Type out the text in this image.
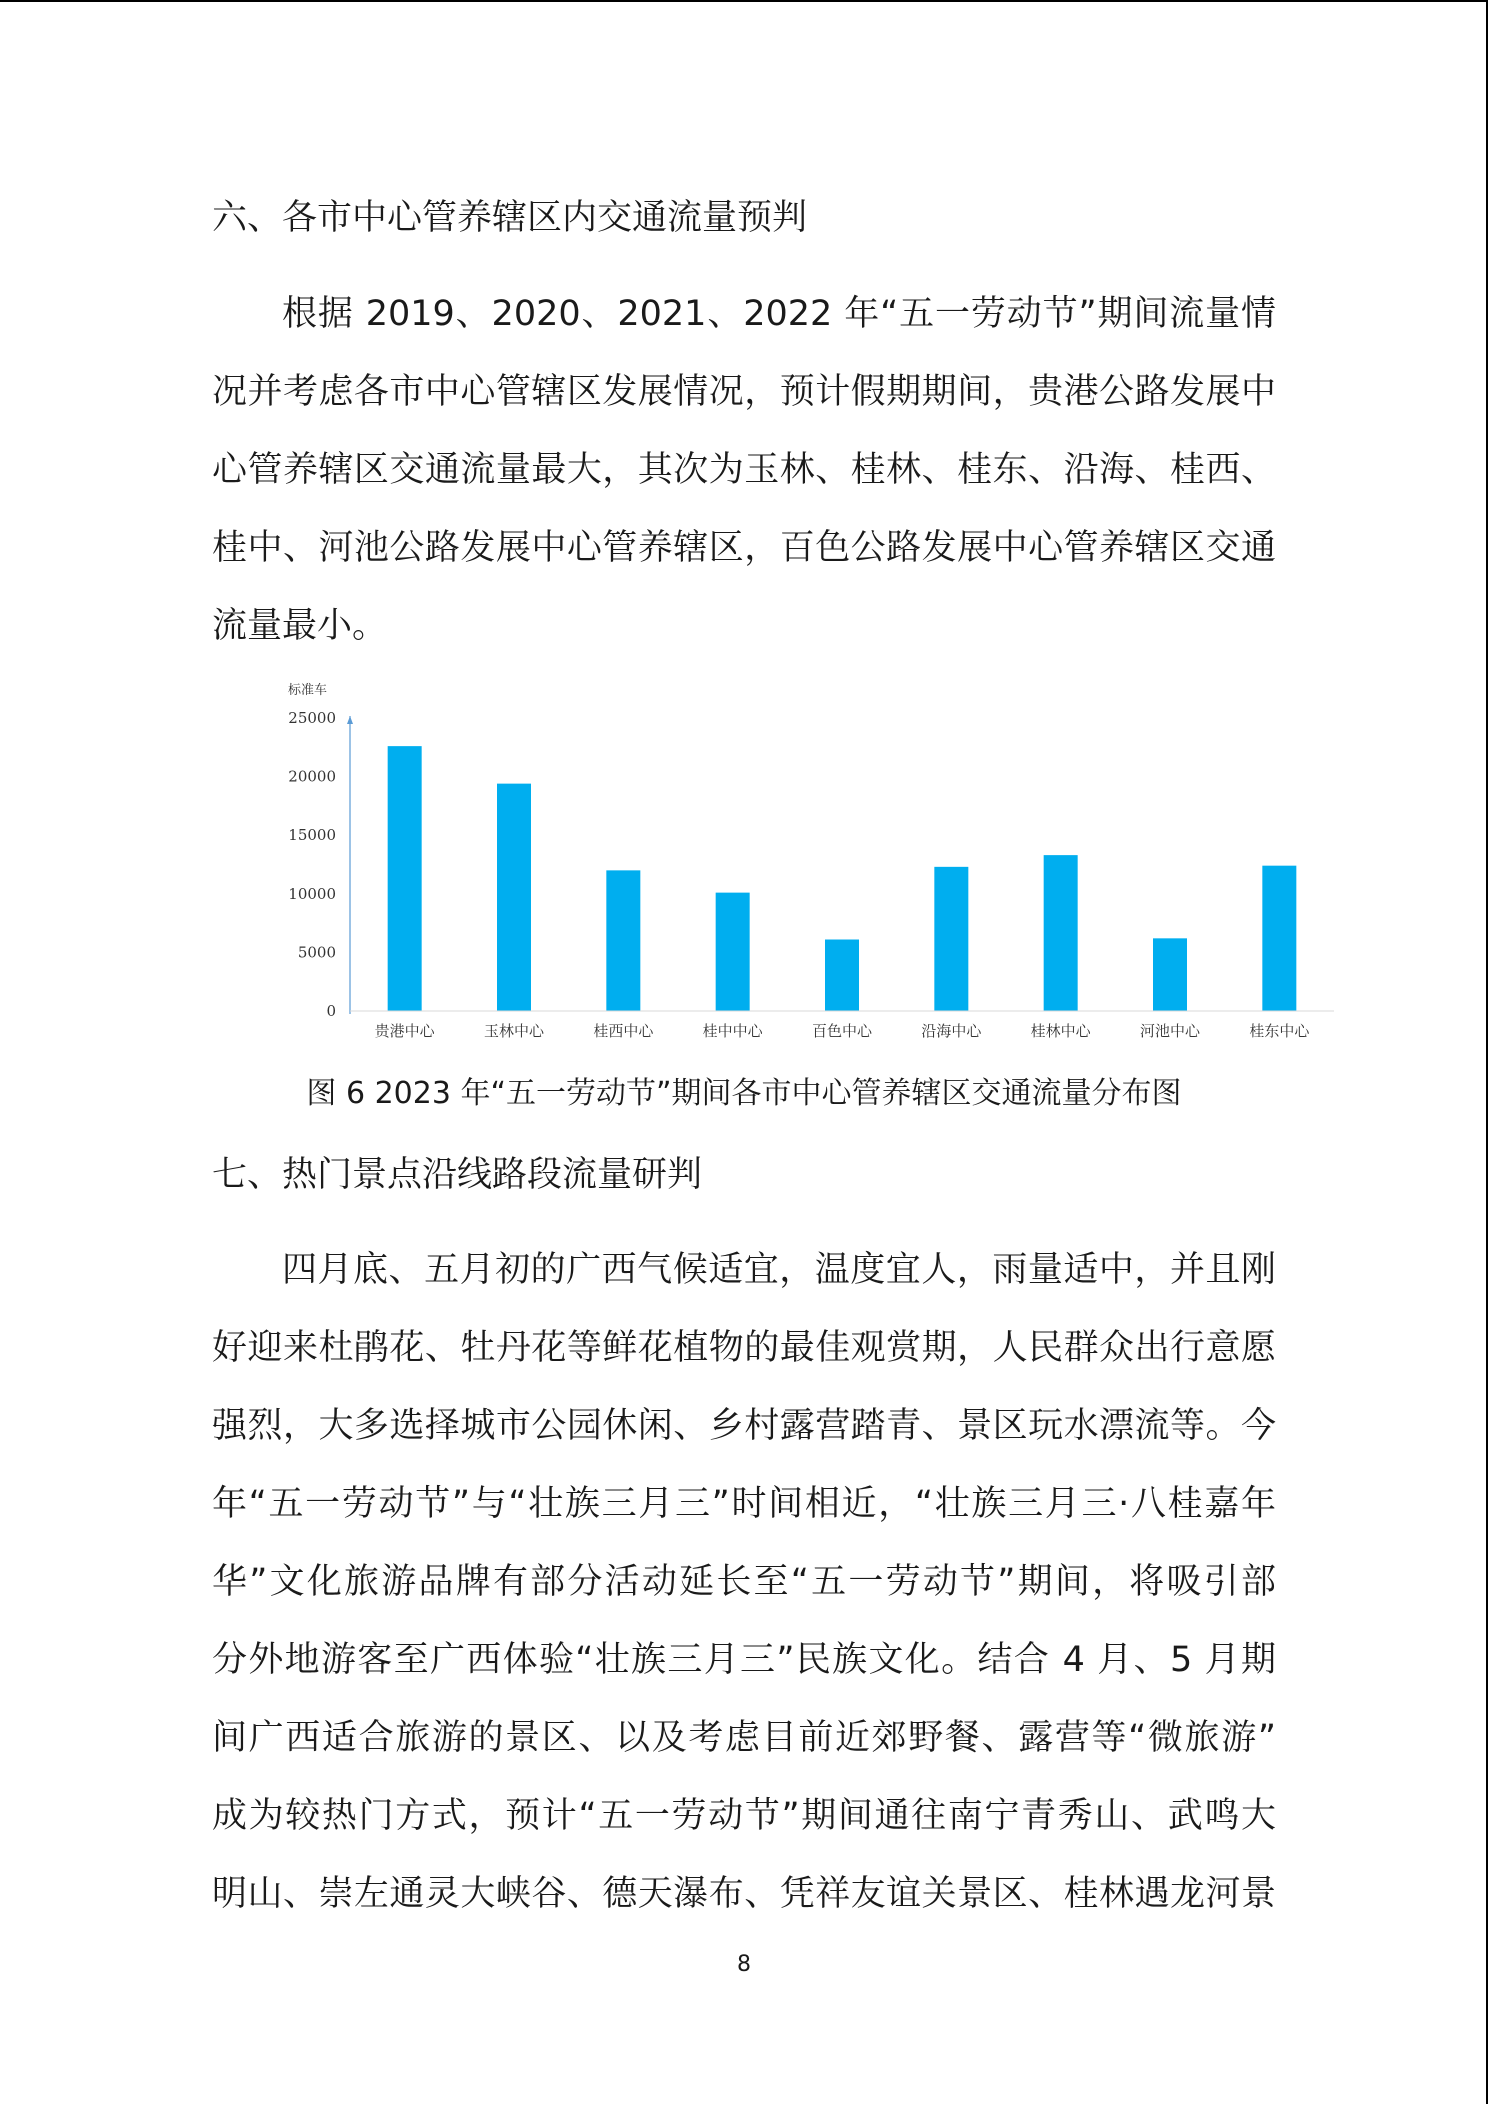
六、各市中心管养辖区内交通流量预判
根据 2019、2020、2021、2022 年“五一劳动节”期间流量情
况并考虑各市中心管辖区发展情况，预计假期期间，贵港公路发展中
心管养辖区交通流量最大，其次为玉林、桂林、桂东、沿海、桂西、
桂中、河池公路发展中心管养辖区，百色公路发展中心管养辖区交通
流量最小。
标准车
0
5000
10000
15000
20000
25000
贵港中心	玉林中心	桂西中心	桂中中心	百色中心	沿海中心	桂林中心	河池中心	桂东中心
图 6 2023 年“五一劳动节”期间各市中心管养辖区交通流量分布图
七、热门景点沿线路段流量研判
四月底、五月初的广西气候适宜，温度宜人，雨量适中，并且刚
好迎来杜鹃花、牡丹花等鲜花植物的最佳观赏期，人民群众出行意愿
强烈，大多选择城市公园休闲、乡村露营踏青、景区玩水漂流等。今
年“五一劳动节”与“壮族三月三”时间相近，“壮族三月三·八桂嘉年
华”文化旅游品牌有部分活动延长至“五一劳动节”期间，将吸引部
分外地游客至广西体验“壮族三月三”民族文化。结合 4 月、5 月期
间广西适合旅游的景区、以及考虑目前近郊野餐、露营等“微旅游”
成为较热门方式，预计“五一劳动节”期间通往南宁青秀山、武鸣大
明山、崇左通灵大峡谷、德天瀑布、凭祥友谊关景区、桂林遇龙河景
8
